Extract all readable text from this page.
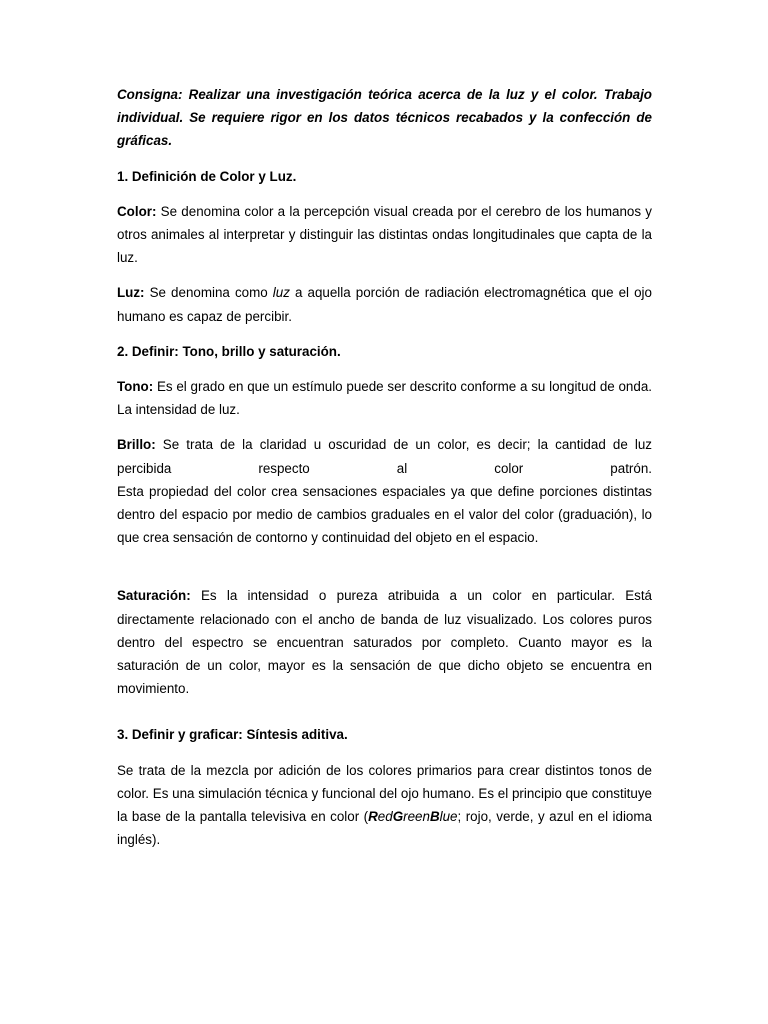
Consigna: Realizar una investigación teórica acerca de la luz y el color. Trabajo individual. Se requiere rigor en los datos técnicos recabados y la confección de gráficas.

1. Definición de Color y Luz.

Color: Se denomina color a la percepción visual creada por el cerebro de los humanos y otros animales al interpretar y distinguir las distintas ondas longitudinales que capta de la luz.

Luz: Se denomina como luz a aquella porción de radiación electromagnética que el ojo humano es capaz de percibir.

2. Definir: Tono, brillo y saturación.

Tono: Es el grado en que un estímulo puede ser descrito conforme a su longitud de onda. La intensidad de luz.

Brillo: Se trata de la claridad u oscuridad de un color, es decir; la cantidad de luz percibida respecto al color patrón.

Esta propiedad del color crea sensaciones espaciales ya que define porciones distintas dentro del espacio por medio de cambios graduales en el valor del color (graduación), lo que crea sensación de contorno y continuidad del objeto en el espacio.

Saturación: Es la intensidad o pureza atribuida a un color en particular. Está directamente relacionado con el ancho de banda de luz visualizado. Los colores puros dentro del espectro se encuentran saturados por completo. Cuanto mayor es la saturación de un color, mayor es la sensación de que dicho objeto se encuentra en movimiento.

3. Definir y graficar: Síntesis aditiva.

Se trata de la mezcla por adición de los colores primarios para crear distintos tonos de color. Es una simulación técnica y funcional del ojo humano. Es el principio que constituye la base de la pantalla televisiva en color (RedGreenBlue; rojo, verde, y azul en el idioma inglés).
